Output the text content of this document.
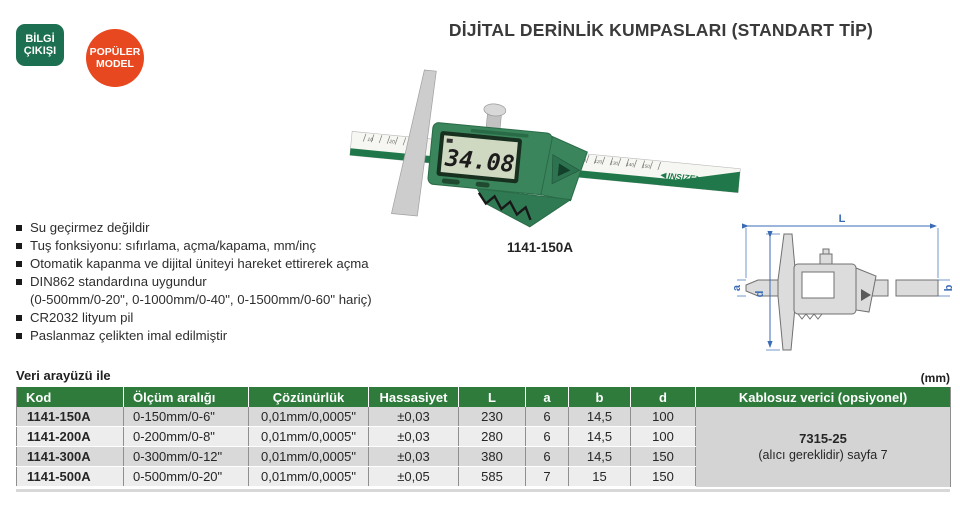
BİLGİ
ÇIKIŞI	POPÜLER
MODEL
DİJİTAL DERİNLİK KUMPASLARI (STANDART TİP)
10	20
120 130 140 150
INSIZE
34.08
1141-150A
Su geçirmez değildir
Tuş fonksiyonu: sıfırlama, açma/kapama, mm/inç
Otomatik kapanma ve dijital üniteyi hareket ettirerek açma
DIN862 standardına uygundur
(0-500mm/0-20", 0-1000mm/0-40", 0-1500mm/0-60" hariç)
CR2032 lityum pil
Paslanmaz çelikten imal edilmiştir
L
d
a	b
Veri arayüzü ile	(mm)
Kod	Ölçüm aralığı	Çözünürlük	Hassasiyet	L	a	b	d	Kablosuz verici (opsiyonel)
1141-150A	0-150mm/0-6"	0,01mm/0,0005"	±0,03	230	6	14,5	100	7315-25
(alıcı gereklidir) sayfa 7

1141-200A	0-200mm/0-8"	0,01mm/0,0005"	±0,03	280	6	14,5	100	
1141-300A	0-300mm/0-12"	0,01mm/0,0005"	±0,03	380	6	14,5	150	
1141-500A	0-500mm/0-20"	0,01mm/0,0005"	±0,05	585	7	15	150	
